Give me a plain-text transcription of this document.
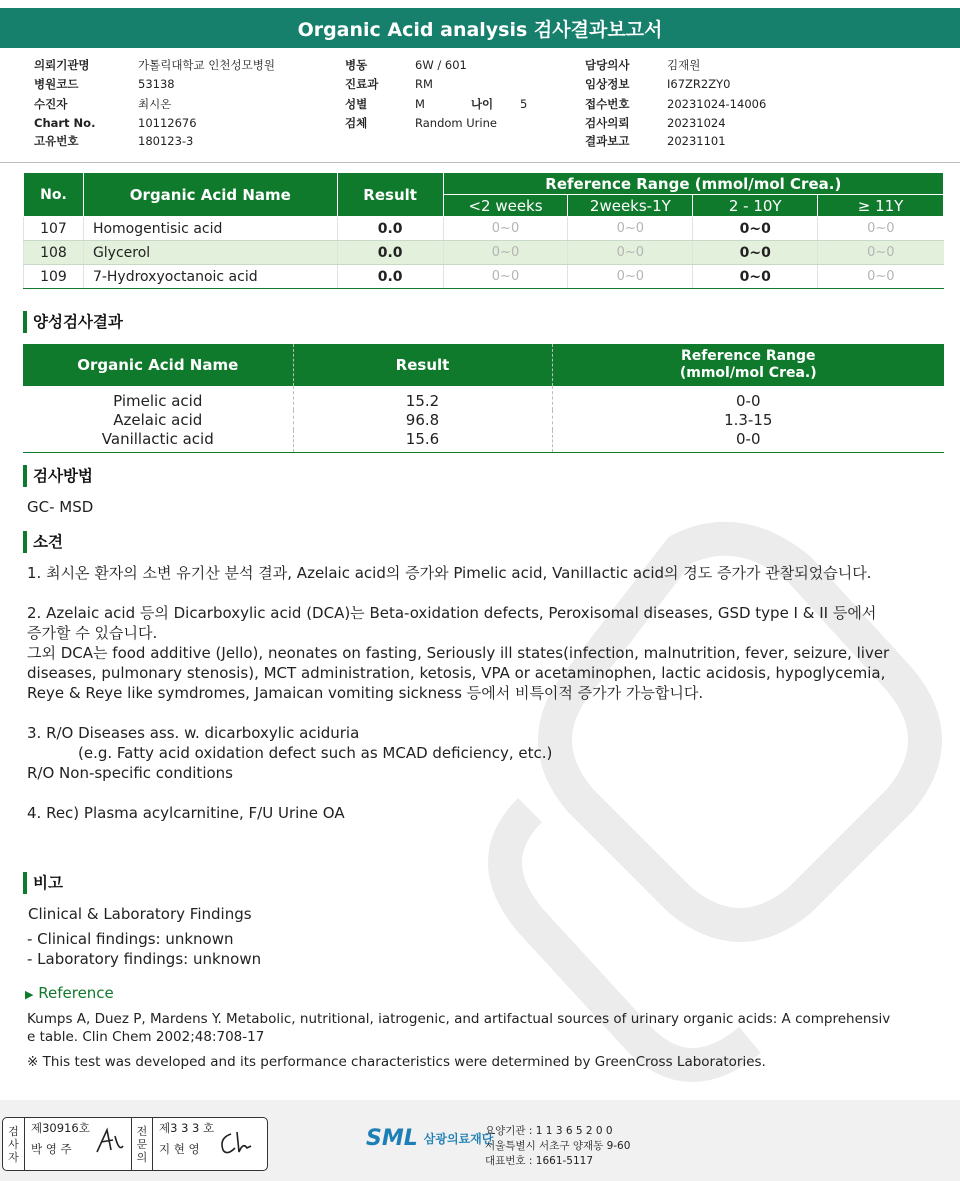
Organic Acid analysis 검사결과보고서
의뢰기관명	가톨릭대학교 인천성모병원
병원코드	53138
수진자	최시온
Chart No.	10112676
고유번호	180123-3
병동	6W / 601
진료과	RM
성별	M	나이	5
검체	Random Urine
담당의사	김재원
임상정보	I67ZR2ZY0
접수번호	20231024-14006
검사의뢰	20231024
결과보고	20231101
No.	Organic Acid Name	Result	Reference Range (mmol/mol Crea.)			
			<2 weeks	2weeks-1Y	2 - 10Y	≥ 11Y
107	Homogentisic acid	0.0	0~0	0~0	0~0	0~0
108	Glycerol	0.0	0~0	0~0	0~0	0~0
109	7-Hydroxyoctanoic acid	0.0	0~0	0~0	0~0	0~0
양성검사결과
Organic Acid Name	Result	Reference Range
(mmol/mol Crea.)
Pimelic acid	15.2	0-0
Azelaic acid	96.8	1.3-15
Vanillactic acid	15.6	0-0
검사방법
GC- MSD
소견
1. 최시온 환자의 소변 유기산 분석 결과, Azelaic acid의 증가와 Pimelic acid, Vanillactic acid의 경도 증가가 관찰되었습니다.
2. Azelaic acid 등의 Dicarboxylic acid (DCA)는 Beta-oxidation defects, Peroxisomal diseases, GSD type I & II 등에서
증가할 수 있습니다.
그외 DCA는 food additive (Jello), neonates on fasting, Seriously ill states(infection, malnutrition, fever, seizure, liver
diseases, pulmonary stenosis), MCT administration, ketosis, VPA or acetaminophen, lactic acidosis, hypoglycemia,
Reye & Reye like symdromes, Jamaican vomiting sickness 등에서 비특이적 증가가 가능합니다.
3. R/O Diseases ass. w. dicarboxylic aciduria
(e.g. Fatty acid oxidation defect such as MCAD deficiency, etc.)
R/O Non-specific conditions
4. Rec) Plasma acylcarnitine, F/U Urine OA
비고
Clinical & Laboratory Findings
- Clinical findings: unknown
- Laboratory findings: unknown
▶ Reference
Kumps A, Duez P, Mardens Y. Metabolic, nutritional, iatrogenic, and artifactual sources of urinary organic acids: A comprehensiv
e table. Clin Chem 2002;48:708-17
※ This test was developed and its performance characteristics were determined by GreenCross Laboratories.
검
사
자
제30916호
박 영 주
전
문
의
제3 3 3 호
지 현 영	SML 삼광의료재단
요양기관 : 1 1 3 6 5 2 0 0
서울특별시 서초구 양재동 9-60
대표번호 : 1661-5117
